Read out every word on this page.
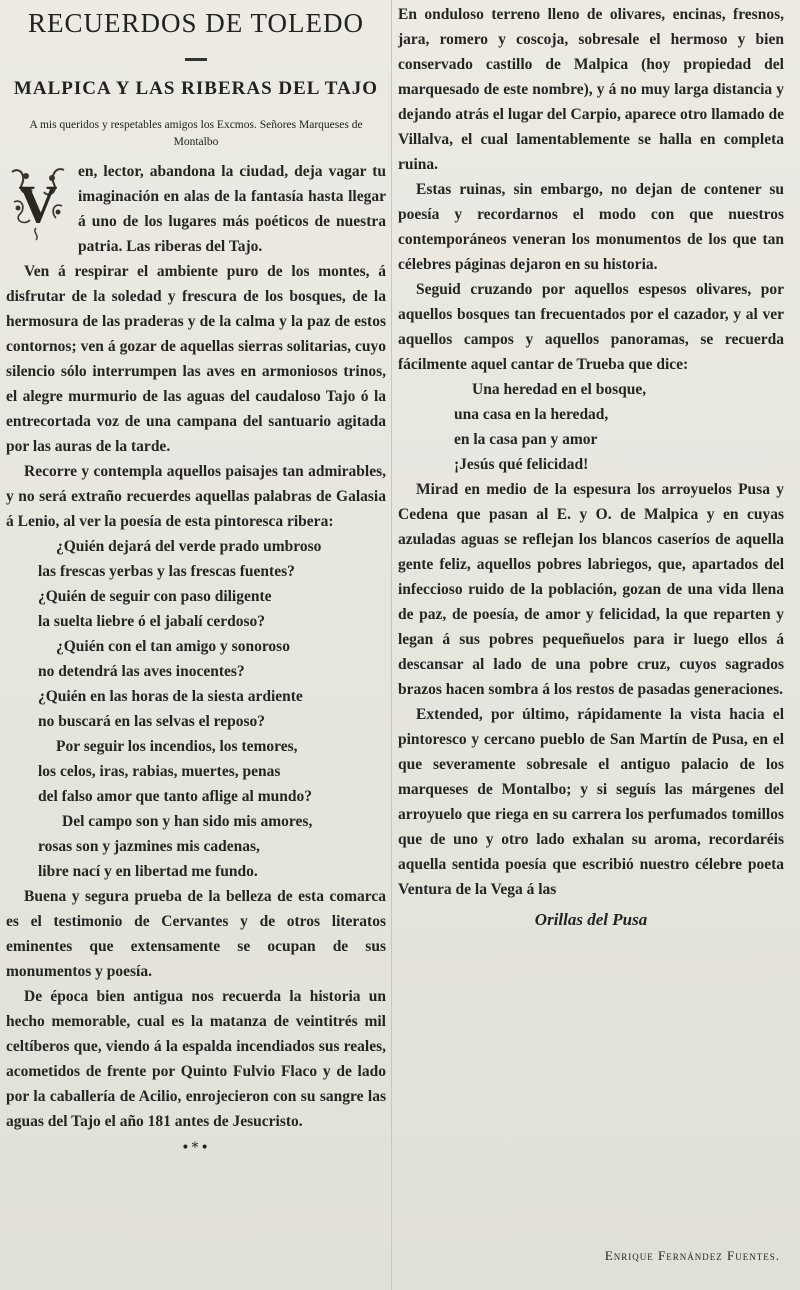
RECUERDOS DE TOLEDO
MALPICA Y LAS RIBERAS DEL TAJO

A mis queridos y respetables amigos los Excmos. Señores Marqueses de Montalbo

V
en, lector, abandona la ciudad, deja vagar tu imaginación en alas de la fantasía hasta llegar á uno de los lugares más poéticos de nuestra patria. Las riberas del Tajo.

Ven á respirar el ambiente puro de los montes, á disfrutar de la soledad y frescura de los bosques, de la hermosura de las praderas y de la calma y la paz de estos contornos; ven á gozar de aquellas sierras solitarias, cuyo silencio sólo interrumpen las aves en armoniosos trinos, el alegre murmurio de las aguas del caudaloso Tajo ó la entrecortada voz de una campana del santuario agitada por las auras de la tarde.

Recorre y contempla aquellos paisajes tan admirables, y no será extraño recuerdes aquellas palabras de Galasia á Lenio, al ver la poesía de esta pintoresca ribera:

¿Quién dejará del verde prado umbroso
las frescas yerbas y las frescas fuentes?
¿Quién de seguir con paso diligente
la suelta liebre ó el jabalí cerdoso?
¿Quién con el tan amigo y sonoroso
no detendrá las aves inocentes?
¿Quién en las horas de la siesta ardiente
no buscará en las selvas el reposo?
Por seguir los incendios, los temores,
los celos, iras, rabias, muertes, penas
del falso amor que tanto aflige al mundo?
Del campo son y han sido mis amores,
rosas son y jazmines mis cadenas,
libre nací y en libertad me fundo.

Buena y segura prueba de la belleza de esta comarca es el testimonio de Cervantes y de otros literatos eminentes que extensamente se ocupan de sus monumentos y poesía.

De época bien antigua nos recuerda la historia un hecho memorable, cual es la matanza de veintitrés mil celtíberos que, viendo á la espalda incendiados sus reales, acometidos de frente por Quinto Fulvio Flaco y de lado por la caballería de Acilio, enrojecieron con su sangre las aguas del Tajo el año 181 antes de Jesucristo.

•*•

En onduloso terreno lleno de olivares, encinas, fresnos, jara, romero y coscoja, sobresale el hermoso y bien conservado castillo de Malpica (hoy propiedad del marquesado de este nombre), y á no muy larga distancia y dejando atrás el lugar del Carpio, aparece otro llamado de Villalva, el cual lamentablemente se halla en completa ruina.

Estas ruinas, sin embargo, no dejan de contener su poesía y recordarnos el modo con que nuestros contemporáneos veneran los monumentos de los que tan célebres páginas dejaron en su historia.

Seguid cruzando por aquellos espesos olivares, por aquellos bosques tan frecuentados por el cazador, y al ver aquellos campos y aquellos panoramas, se recuerda fácilmente aquel cantar de Trueba que dice:

Una heredad en el bosque,
una casa en la heredad,
en la casa pan y amor
¡Jesús qué felicidad!

Mirad en medio de la espesura los arroyuelos Pusa y Cedena que pasan al E. y O. de Malpica y en cuyas azuladas aguas se reflejan los blancos caseríos de aquella gente feliz, aquellos pobres labriegos, que, apartados del infeccioso ruido de la población, gozan de una vida llena de paz, de poesía, de amor y felicidad, la que reparten y legan á sus pobres pequeñuelos para ir luego ellos á descansar al lado de una pobre cruz, cuyos sagrados brazos hacen sombra á los restos de pasadas generaciones.

Extended, por último, rápidamente la vista hacia el pintoresco y cercano pueblo de San Martín de Pusa, en el que severamente sobresale el antiguo palacio de los marqueses de Montalbo; y si seguís las márgenes del arroyuelo que riega en su carrera los perfumados tomillos que de uno y otro lado exhalan su aroma, recordaréis aquella sentida poesía que escribió nuestro célebre poeta Ventura de la Vega á las

Orillas del Pusa

Enrique Fernández Fuentes.
